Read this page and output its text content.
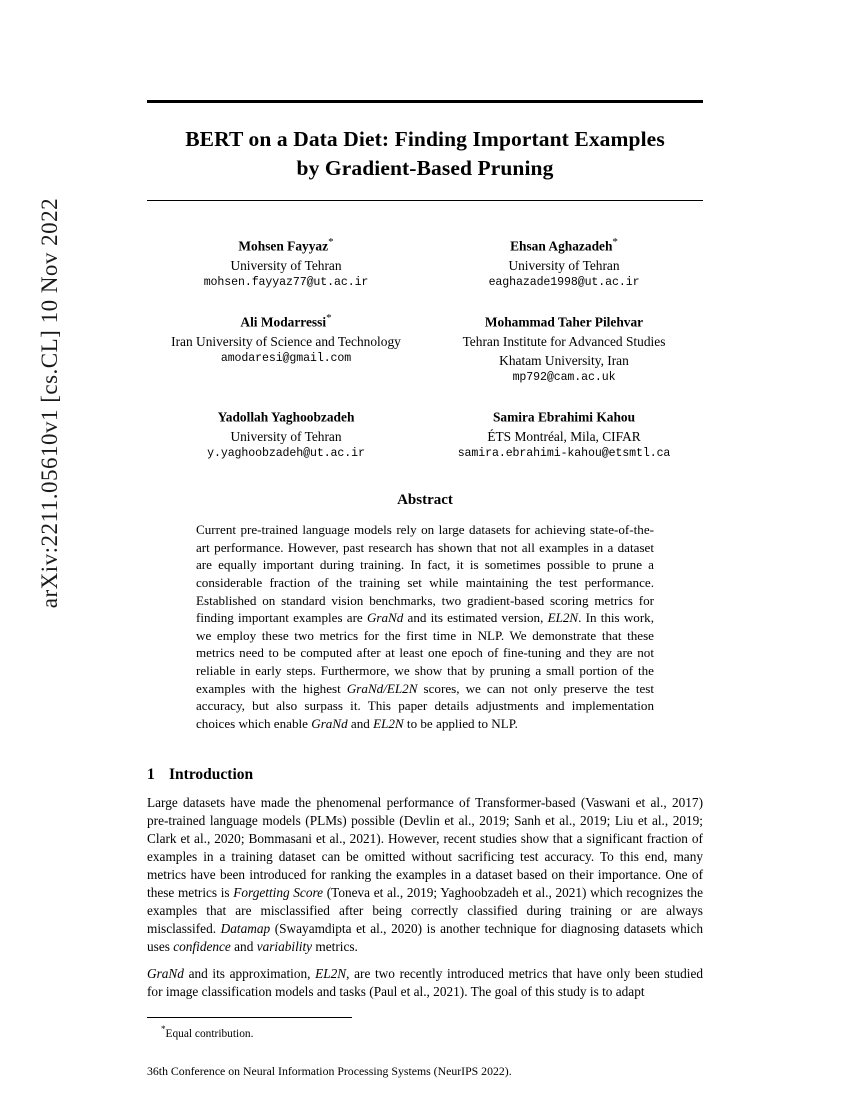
arXiv:2211.05610v1 [cs.CL] 10 Nov 2022
BERT on a Data Diet: Finding Important Examples
by Gradient-Based Pruning
Mohsen Fayyaz*
University of Tehran
mohsen.fayyaz77@ut.ac.ir
Ehsan Aghazadeh*
University of Tehran
eaghazade1998@ut.ac.ir
Ali Modarressi*
Iran University of Science and Technology
amodaresi@gmail.com
Mohammad Taher Pilehvar
Tehran Institute for Advanced Studies
Khatam University, Iran
mp792@cam.ac.uk
Yadollah Yaghoobzadeh
University of Tehran
y.yaghoobzadeh@ut.ac.ir
Samira Ebrahimi Kahou
ÉTS Montréal, Mila, CIFAR
samira.ebrahimi-kahou@etsmtl.ca
Abstract
Current pre-trained language models rely on large datasets for achieving state-of-the-art performance. However, past research has shown that not all examples in a dataset are equally important during training. In fact, it is sometimes possible to prune a considerable fraction of the training set while maintaining the test performance. Established on standard vision benchmarks, two gradient-based scoring metrics for finding important examples are GraNd and its estimated version, EL2N. In this work, we employ these two metrics for the first time in NLP. We demonstrate that these metrics need to be computed after at least one epoch of fine-tuning and they are not reliable in early steps. Furthermore, we show that by pruning a small portion of the examples with the highest GraNd/EL2N scores, we can not only preserve the test accuracy, but also surpass it. This paper details adjustments and implementation choices which enable GraNd and EL2N to be applied to NLP.
1 Introduction

Large datasets have made the phenomenal performance of Transformer-based (Vaswani et al., 2017) pre-trained language models (PLMs) possible (Devlin et al., 2019; Sanh et al., 2019; Liu et al., 2019; Clark et al., 2020; Bommasani et al., 2021). However, recent studies show that a significant fraction of examples in a training dataset can be omitted without sacrificing test accuracy. To this end, many metrics have been introduced for ranking the examples in a dataset based on their importance. One of these metrics is Forgetting Score (Toneva et al., 2019; Yaghoobzadeh et al., 2021) which recognizes the examples that are misclassified after being correctly classified during training or are always misclassifed. Datamap (Swayamdipta et al., 2020) is another technique for diagnosing datasets which uses confidence and variability metrics.

GraNd and its approximation, EL2N, are two recently introduced metrics that have only been studied for image classification models and tasks (Paul et al., 2021). The goal of this study is to adapt

*Equal contribution.
36th Conference on Neural Information Processing Systems (NeurIPS 2022).
